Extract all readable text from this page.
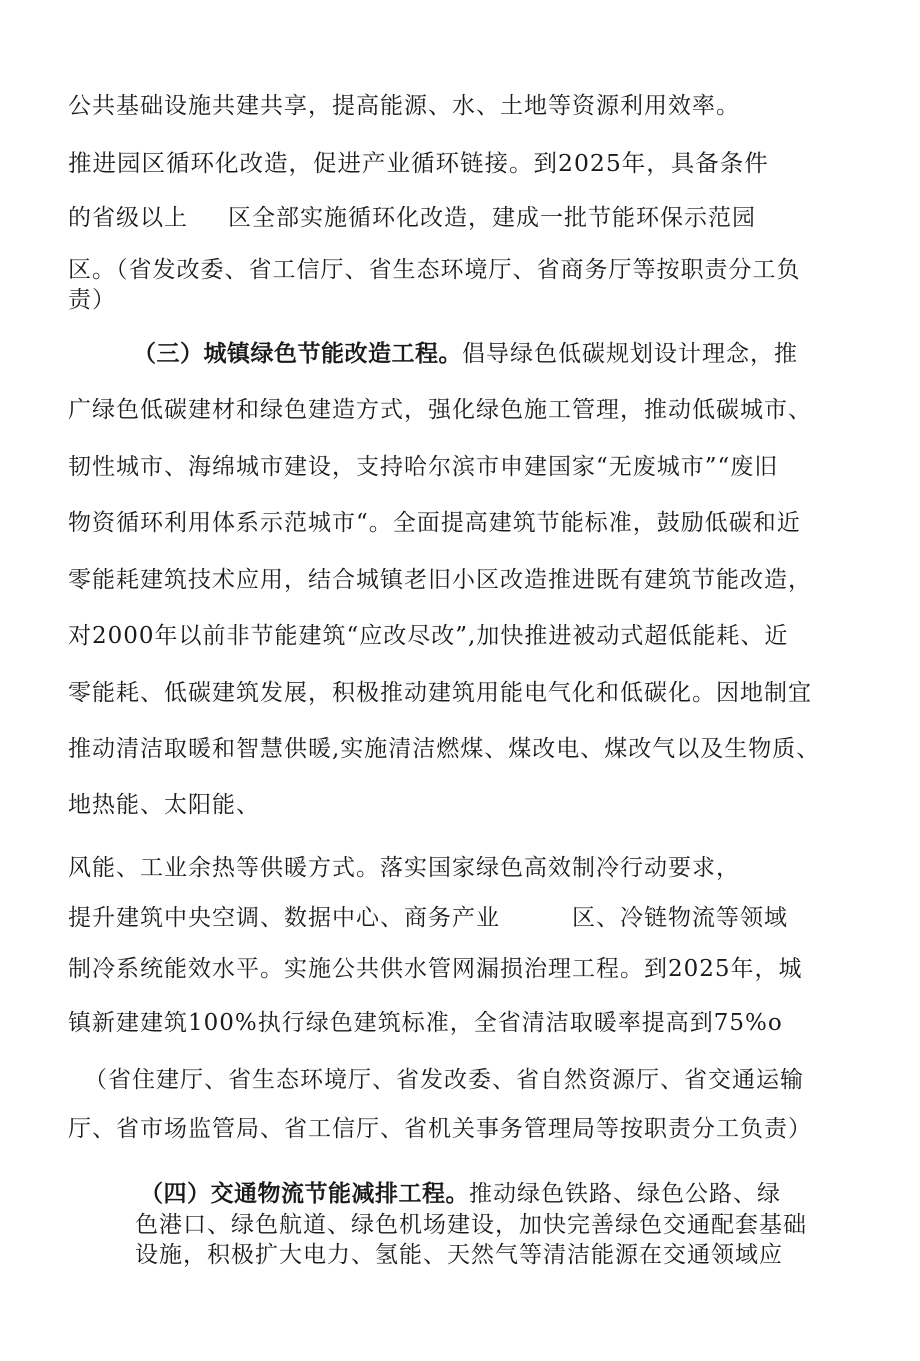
公共基础设施共建共享，提高能源、水、土地等资源利用效率。
推进园区循环化改造，促进产业循环链接。到2025年，具备条件
的省级以上 区全部实施循环化改造，建成一批节能环保示范园
区。（省发改委、省工信厅、省生态环境厅、省商务厅等按职责分工负
责）
（三）城镇绿色节能改造工程。倡导绿色低碳规划设计理念，推
广绿色低碳建材和绿色建造方式，强化绿色施工管理，推动低碳城市、
韧性城市、海绵城市建设，支持哈尔滨市申建国家“无废城市”“废旧
物资循环利用体系示范城市“。全面提高建筑节能标准，鼓励低碳和近
零能耗建筑技术应用，结合城镇老旧小区改造推进既有建筑节能改造，
对2000年以前非节能建筑“应改尽改”,加快推进被动式超低能耗、近
零能耗、低碳建筑发展，积极推动建筑用能电气化和低碳化。因地制宜
推动清洁取暖和智慧供暖,实施清洁燃煤、煤改电、煤改气以及生物质、
地热能、太阳能、
风能、工业余热等供暖方式。落实国家绿色高效制冷行动要求，
提升建筑中央空调、数据中心、商务产业	区、冷链物流等领域
制冷系统能效水平。实施公共供水管网漏损治理工程。到2025年，城
镇新建建筑100%执行绿色建筑标准，全省清洁取暖率提高到75%o
（省住建厅、省生态环境厅、省发改委、省自然资源厅、省交通运输
厅、省市场监管局、省工信厅、省机关事务管理局等按职责分工负责）
（四）交通物流节能减排工程。推动绿色铁路、绿色公路、绿
色港口、绿色航道、绿色机场建设，加快完善绿色交通配套基础
设施，积极扩大电力、氢能、天然气等清洁能源在交通领域应
